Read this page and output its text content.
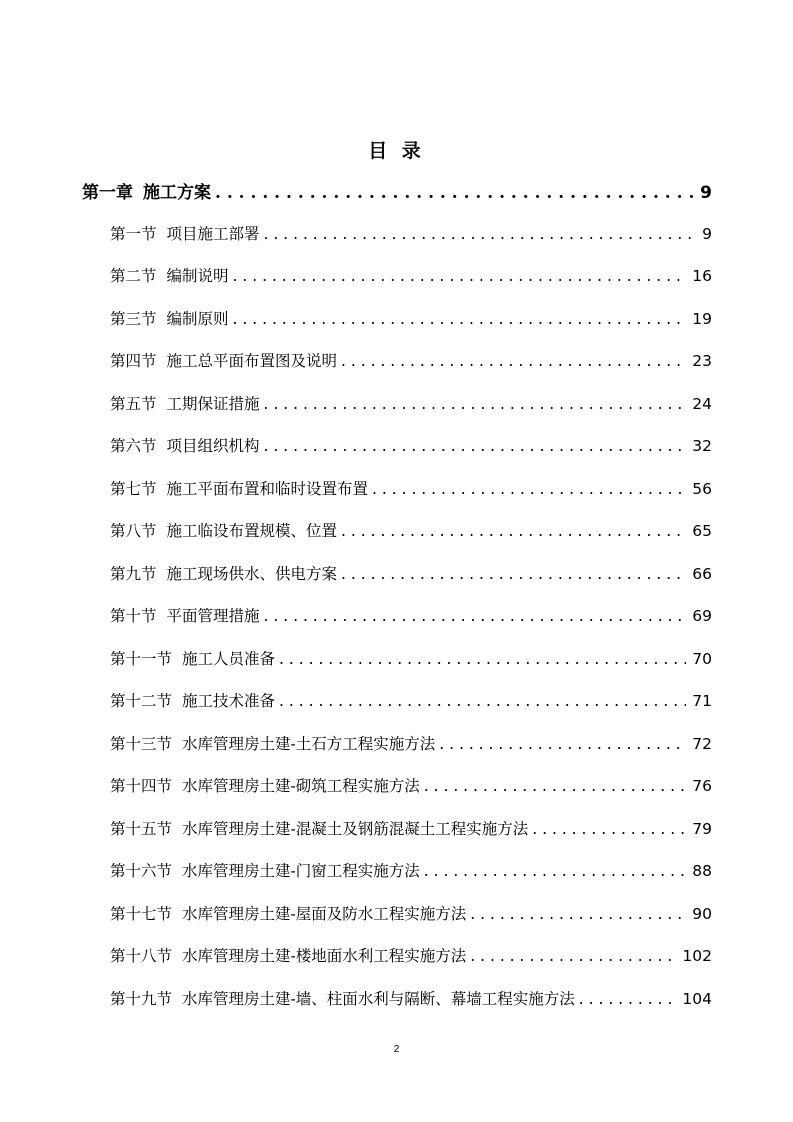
目 录
第一章 施工方案 . . .	9
第一节 项目施工部署 . . .	9
第二节 编制说明 . . .	16
第三节 编制原则 . . .	19
第四节 施工总平面布置图及说明 . . .	23
第五节 工期保证措施 . . .	24
第六节 项目组织机构 . . .	32
第七节 施工平面布置和临时设置布置 . . .	56
第八节 施工临设布置规模、位置 . . .	65
第九节 施工现场供水、供电方案 . . .	66
第十节 平面管理措施 . . .	69
第十一节 施工人员准备 . . .	70
第十二节 施工技术准备 . . .	71
第十三节 水库管理房土建-土石方工程实施方法 . . .	72
第十四节 水库管理房土建-砌筑工程实施方法 . . .	76
第十五节 水库管理房土建-混凝土及钢筋混凝土工程实施方法 . . .	79
第十六节 水库管理房土建-门窗工程实施方法 . . .	88
第十七节 水库管理房土建-屋面及防水工程实施方法 . . .	90
第十八节 水库管理房土建-楼地面水利工程实施方法 . . .	102
第十九节 水库管理房土建-墙、柱面水利与隔断、幕墙工程实施方法 . . .	104
2
